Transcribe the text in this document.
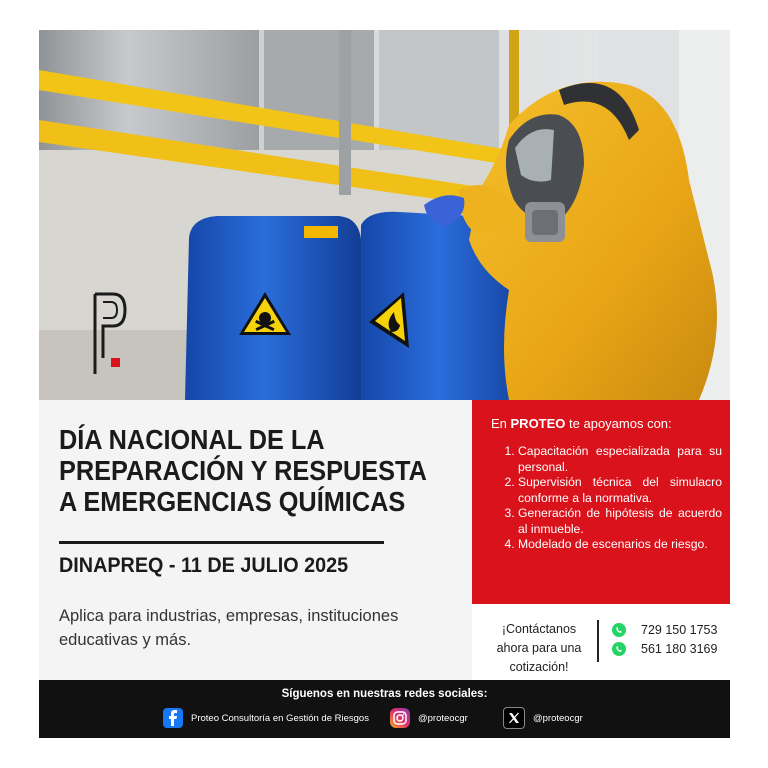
DÍA NACIONAL DE LA
PREPARACIÓN Y RESPUESTA
A EMERGENCIAS QUÍMICAS
DINAPREQ - 11 DE JULIO 2025
Aplica para industrias, empresas, instituciones educativas y más.
En PROTEO te apoyamos con:
1. Capacitación especializada para su personal.
2. Supervisión técnica del simulacro conforme a la normativa.
3. Generación de hipótesis de acuerdo al inmueble.
4. Modelado de escenarios de riesgo.
¡Contáctanos
ahora para una
cotización!
729 150 1753
561 180 3169
Síguenos en nuestras redes sociales:
Proteo Consultoría en Gestión de Riesgos	@proteocgr	@proteocgr
